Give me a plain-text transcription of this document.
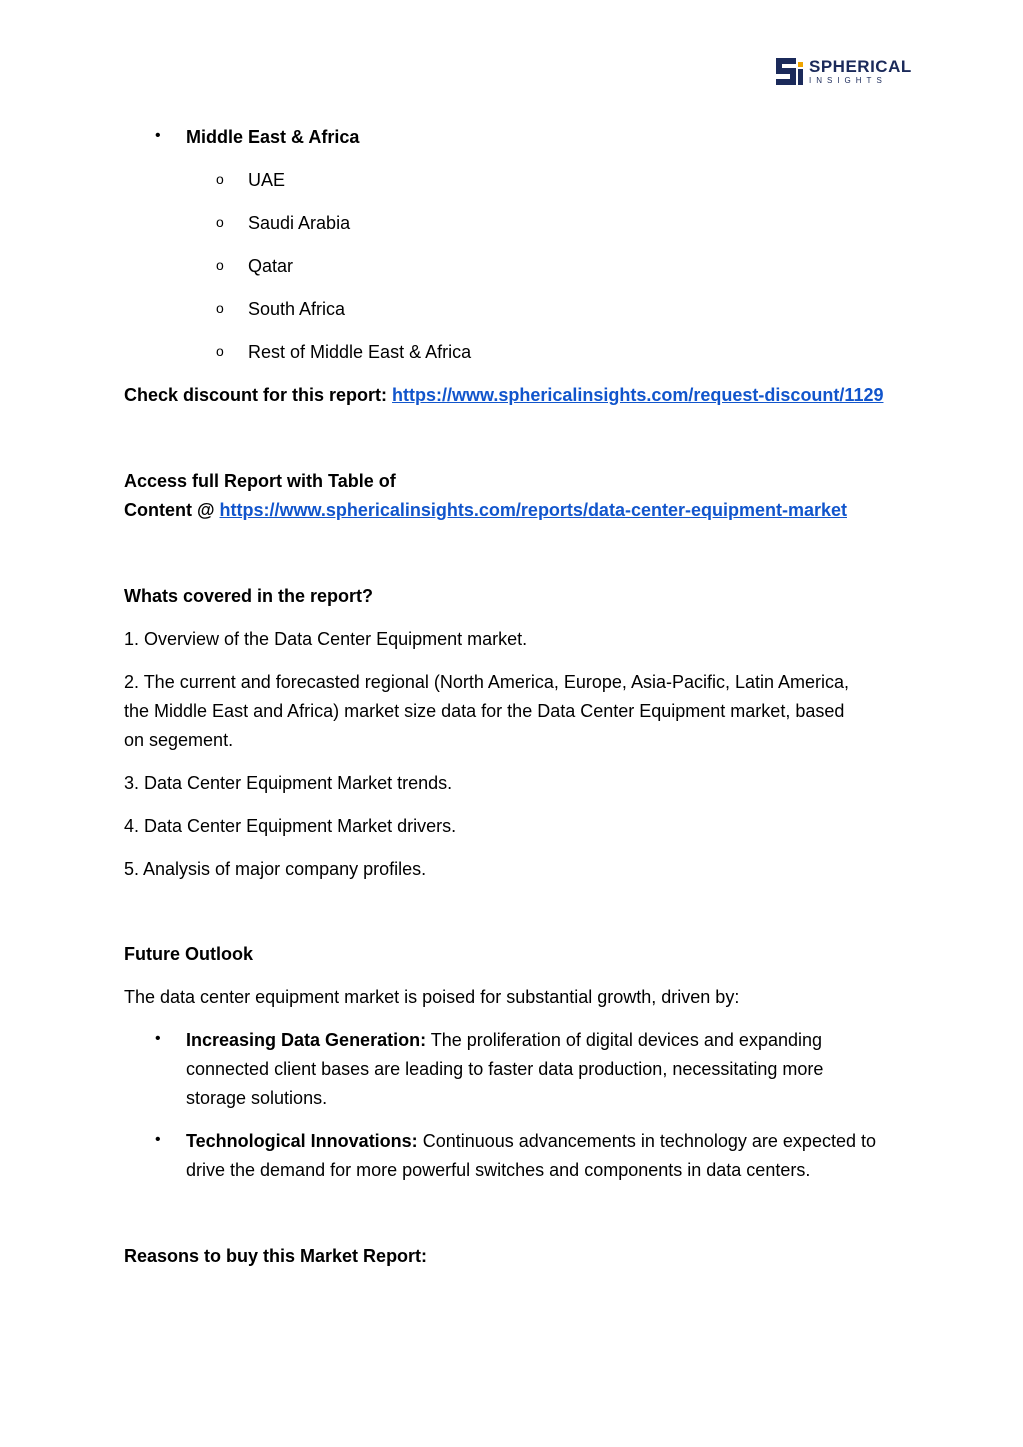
SPHERICAL
INSIGHTS
• Middle East & Africa
o UAE
o Saudi Arabia
o Qatar
o South Africa
o Rest of Middle East & Africa
Check discount for this report: https://www.sphericalinsights.com/request-discount/1129
Access full Report with Table of
Content @ https://www.sphericalinsights.com/reports/data-center-equipment-market
Whats covered in the report?
1. Overview of the Data Center Equipment market.
2. The current and forecasted regional (North America, Europe, Asia-Pacific, Latin America,
the Middle East and Africa) market size data for the Data Center Equipment market, based
on segement.
3. Data Center Equipment Market trends.
4. Data Center Equipment Market drivers.
5. Analysis of major company profiles.
Future Outlook
The data center equipment market is poised for substantial growth, driven by:
• Increasing Data Generation: The proliferation of digital devices and expanding
connected client bases are leading to faster data production, necessitating more
storage solutions.
• Technological Innovations: Continuous advancements in technology are expected to
drive the demand for more powerful switches and components in data centers.
Reasons to buy this Market Report:
